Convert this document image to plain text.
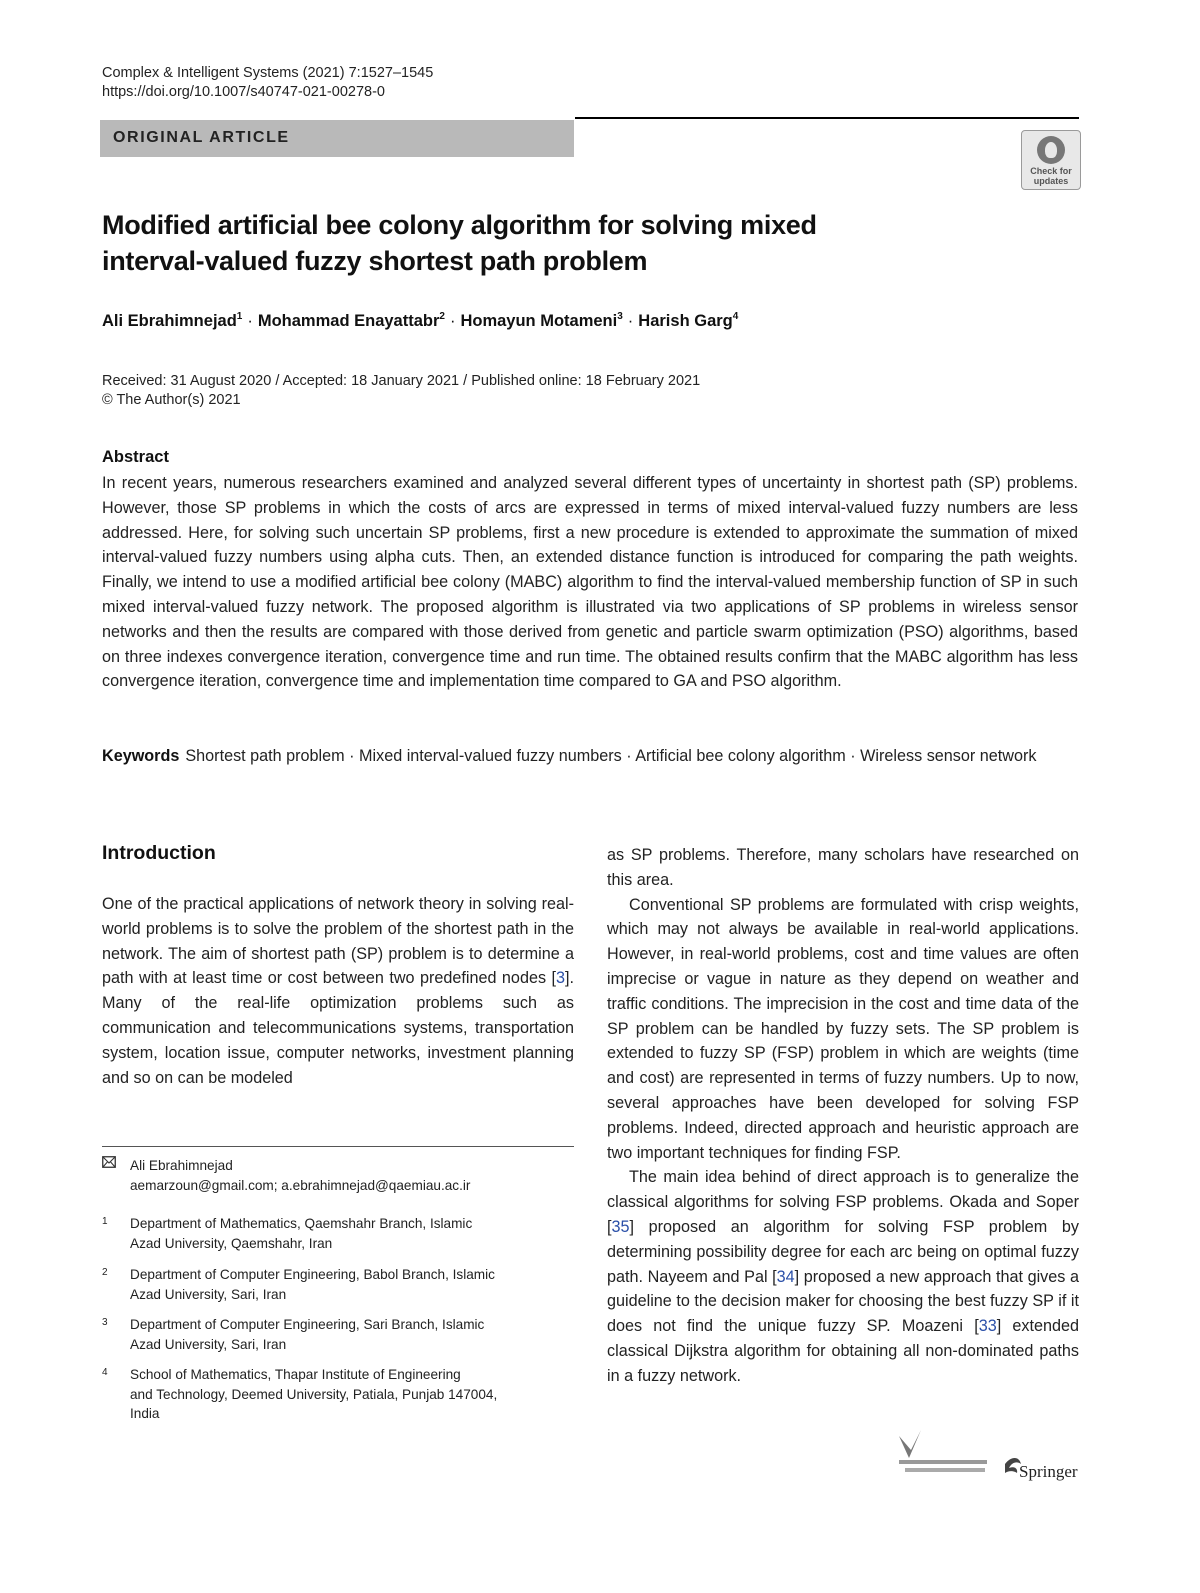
Complex & Intelligent Systems (2021) 7:1527–1545
https://doi.org/10.1007/s40747-021-00278-0
ORIGINAL ARTICLE
Check for updates
Modified artificial bee colony algorithm for solving mixed
interval-valued fuzzy shortest path problem
Ali Ebrahimnejad$^1$ · Mohammad Enayattabr$^2$ · Homayun Motameni$^3$ · Harish Garg$^4$
Received: 31 August 2020 / Accepted: 18 January 2021 / Published online: 18 February 2021
© The Author(s) 2021
Abstract
In recent years, numerous researchers examined and analyzed several different types of uncertainty in shortest path (SP) problems. However, those SP problems in which the costs of arcs are expressed in terms of mixed interval-valued fuzzy numbers are less addressed. Here, for solving such uncertain SP problems, first a new procedure is extended to approximate the summation of mixed interval-valued fuzzy numbers using alpha cuts. Then, an extended distance function is introduced for comparing the path weights. Finally, we intend to use a modified artificial bee colony (MABC) algorithm to find the interval-valued membership function of SP in such mixed interval-valued fuzzy network. The proposed algorithm is illustrated via two applications of SP problems in wireless sensor networks and then the results are compared with those derived from genetic and particle swarm optimization (PSO) algorithms, based on three indexes convergence iteration, convergence time and run time. The obtained results confirm that the MABC algorithm has less convergence iteration, convergence time and implementation time compared to GA and PSO algorithm.
Keywords Shortest path problem · Mixed interval-valued fuzzy numbers · Artificial bee colony algorithm · Wireless sensor network
Introduction

One of the practical applications of network theory in solving real-world problems is to solve the problem of the shortest path in the network. The aim of shortest path (SP) problem is to determine a path with at least time or cost between two predefined nodes [3]. Many of the real-life optimization problems such as communication and telecommunications systems, transportation system, location issue, computer networks, investment planning and so on can be modeled

as SP problems. Therefore, many scholars have researched on this area.

Conventional SP problems are formulated with crisp weights, which may not always be available in real-world applications. However, in real-world problems, cost and time values are often imprecise or vague in nature as they depend on weather and traffic conditions. The imprecision in the cost and time data of the SP problem can be handled by fuzzy sets. The SP problem is extended to fuzzy SP (FSP) problem in which are weights (time and cost) are represented in terms of fuzzy numbers. Up to now, several approaches have been developed for solving FSP problems. Indeed, directed approach and heuristic approach are two important techniques for finding FSP.

The main idea behind of direct approach is to generalize the classical algorithms for solving FSP problems. Okada and Soper [35] proposed an algorithm for solving FSP problem by determining possibility degree for each arc being on optimal fuzzy path. Nayeem and Pal [34] proposed a new approach that gives a guideline to the decision maker for choosing the best fuzzy SP if it does not find the unique fuzzy SP. Moazeni [33] extended classical Dijkstra algorithm for obtaining all non-dominated paths in a fuzzy network.

Ali Ebrahimnejad
aemarzoun@gmail.com; a.ebrahimnejad@qaemiau.ac.ir
1 Department of Mathematics, Qaemshahr Branch, Islamic
Azad University, Qaemshahr, Iran
2 Department of Computer Engineering, Babol Branch, Islamic
Azad University, Sari, Iran
3 Department of Computer Engineering, Sari Branch, Islamic
Azad University, Sari, Iran
4 School of Mathematics, Thapar Institute of Engineering
and Technology, Deemed University, Patiala, Punjab 147004,
India
Springer
